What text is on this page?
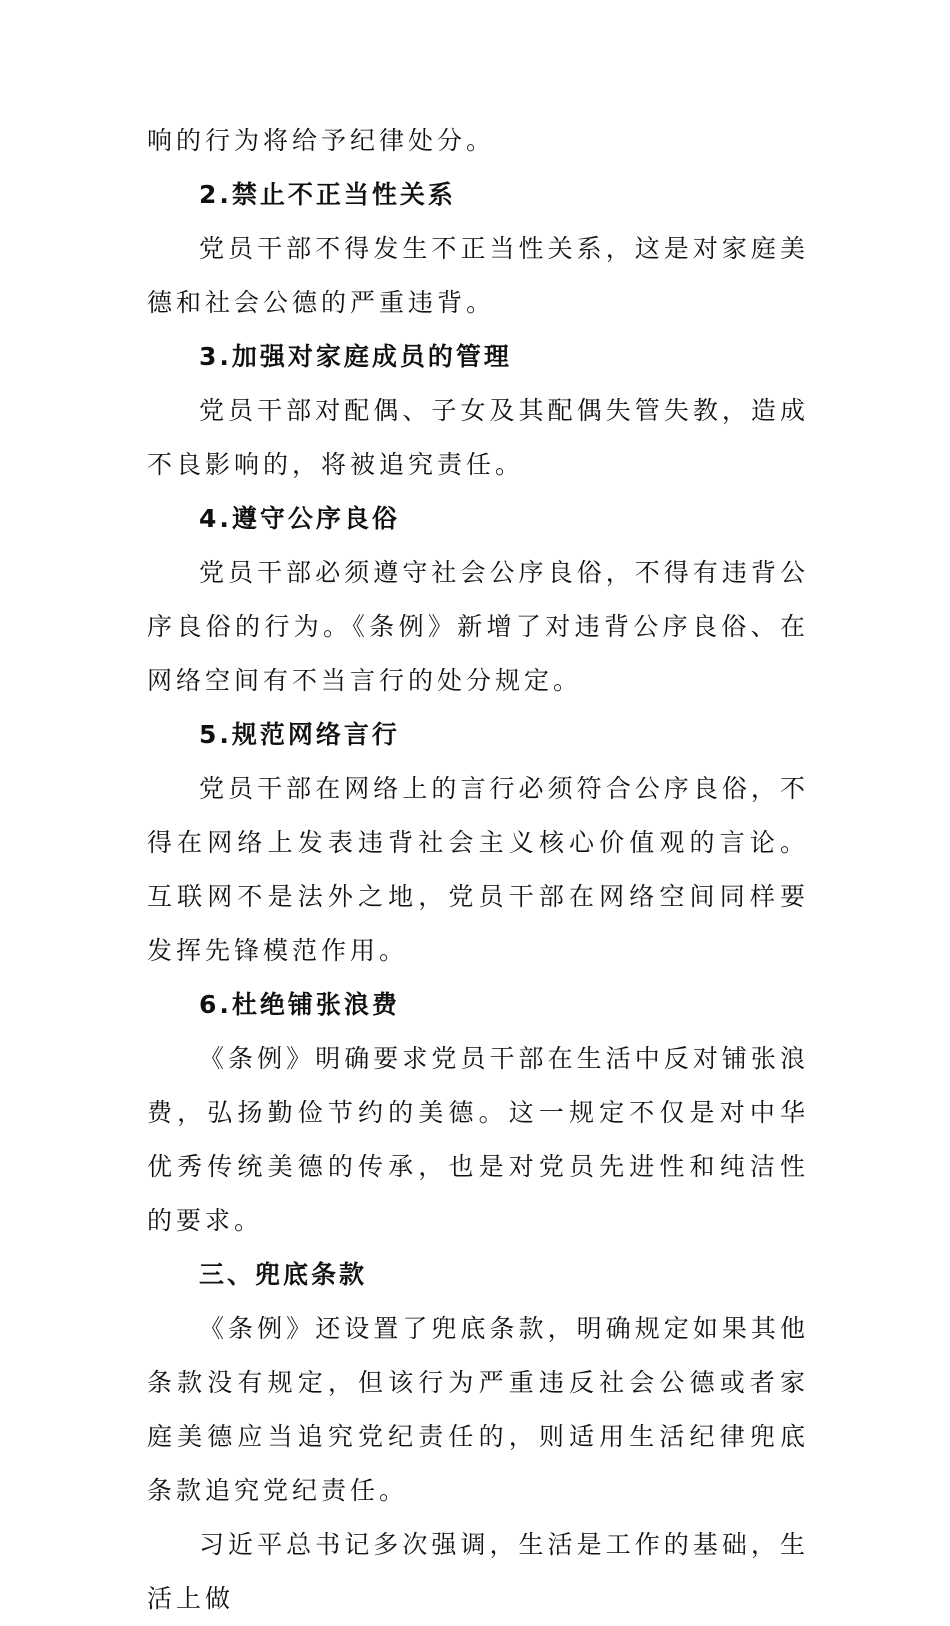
响的行为将给予纪律处分。

2.禁止不正当性关系

党员干部不得发生不正当性关系，这是对家庭美德和社会公德的严重违背。

3.加强对家庭成员的管理

党员干部对配偶、子女及其配偶失管失教，造成不良影响的，将被追究责任。

4.遵守公序良俗

党员干部必须遵守社会公序良俗，不得有违背公序良俗的行为。《条例》新增了对违背公序良俗、在网络空间有不当言行的处分规定。

5.规范网络言行

党员干部在网络上的言行必须符合公序良俗，不得在网络上发表违背社会主义核心价值观的言论。互联网不是法外之地，党员干部在网络空间同样要发挥先锋模范作用。

6.杜绝铺张浪费

《条例》明确要求党员干部在生活中反对铺张浪费，弘扬勤俭节约的美德。这一规定不仅是对中华优秀传统美德的传承，也是对党员先进性和纯洁性的要求。

三、兜底条款

《条例》还设置了兜底条款，明确规定如果其他条款没有规定，但该行为严重违反社会公德或者家庭美德应当追究党纪责任的，则适用生活纪律兜底条款追究党纪责任。

习近平总书记多次强调，生活是工作的基础，生活上做
